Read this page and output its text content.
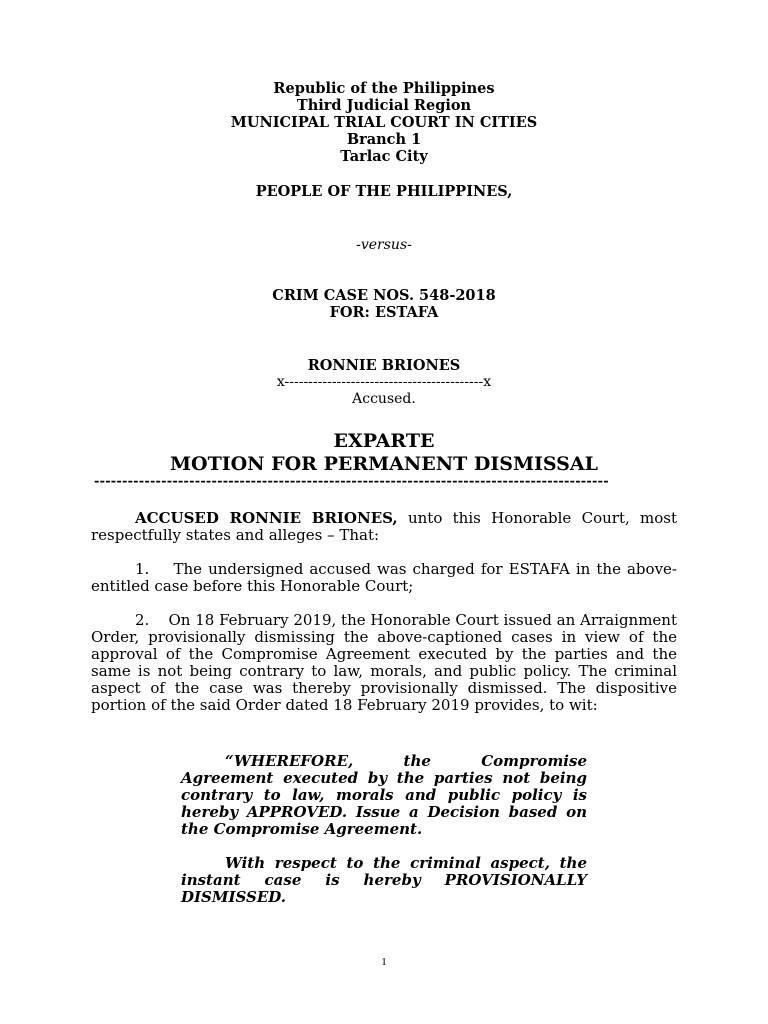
Republic of the Philippines
Third Judicial Region
MUNICIPAL TRIAL COURT IN CITIES
Branch 1
Tarlac City
PEOPLE OF THE PHILIPPINES,
-versus-
CRIM CASE NOS. 548-2018
FOR: ESTAFA
RONNIE BRIONES
x------------------------------------------x
Accused.
EXPARTE
MOTION FOR PERMANENT DISMISSAL
--------------------------------------------------------------------------------------------
ACCUSED RONNIE BRIONES, unto this Honorable Court, most respectfully states and alleges – That:
1. The undersigned accused was charged for ESTAFA in the above-entitled case before this Honorable Court;
2. On 18 February 2019, the Honorable Court issued an Arraignment Order, provisionally dismissing the above-captioned cases in view of the approval of the Compromise Agreement executed by the parties and the same is not being contrary to law, morals, and public policy. The criminal aspect of the case was thereby provisionally dismissed. The dispositive portion of the said Order dated 18 February 2019 provides, to wit:
“WHEREFORE, the Compromise Agreement executed by the parties not being contrary to law, morals and public policy is hereby APPROVED. Issue a Decision based on the Compromise Agreement.
With respect to the criminal aspect, the instant case is hereby PROVISIONALLY DISMISSED.
1
